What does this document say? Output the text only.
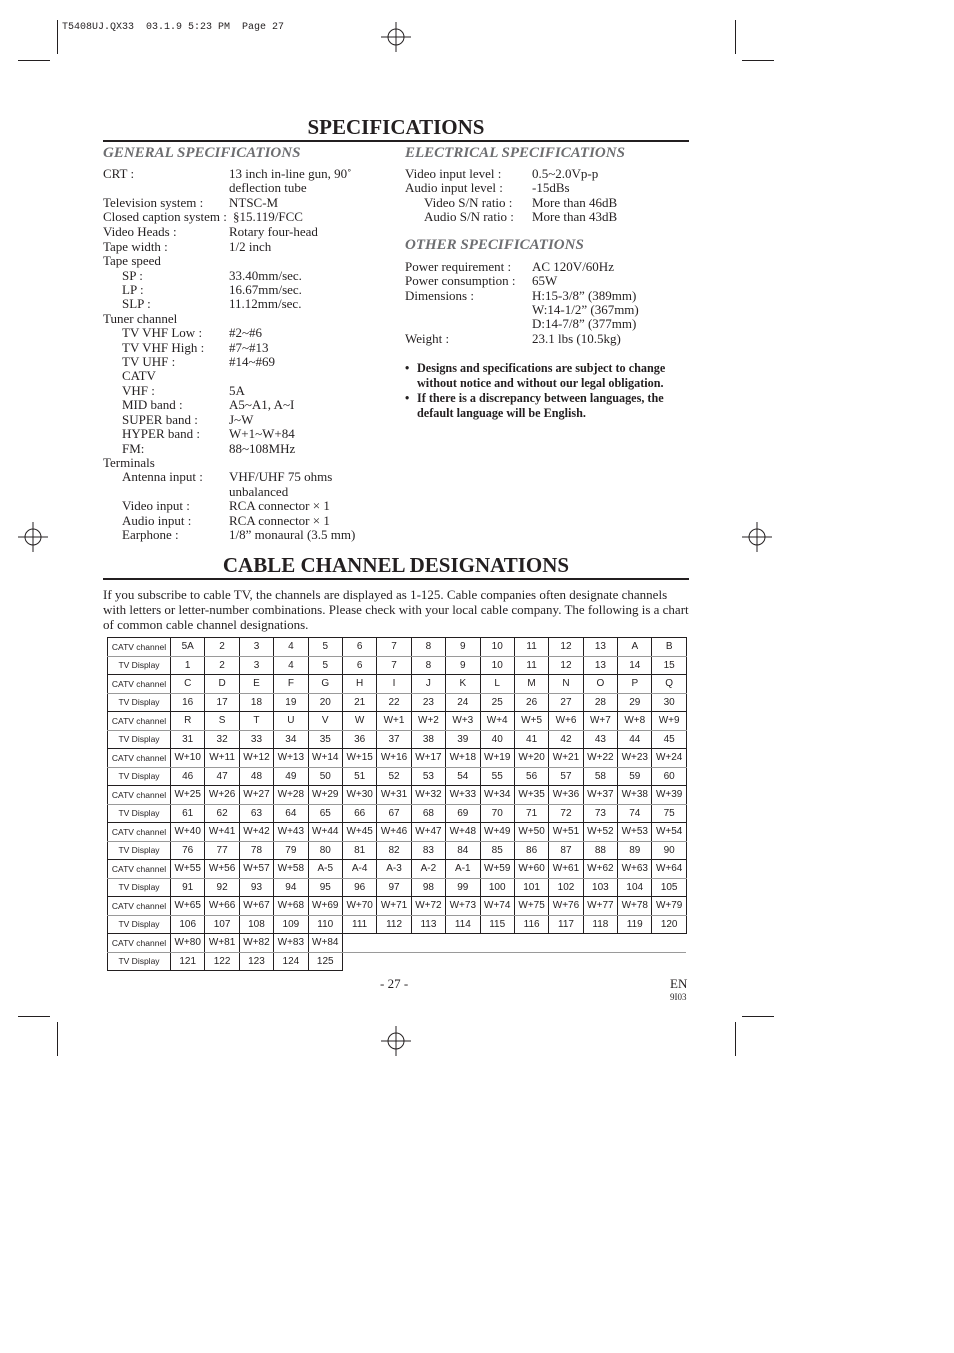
T5408UJ.QX33  03.1.9 5:23 PM  Page 27
SPECIFICATIONS
GENERAL SPECIFICATIONS
CRT :	13 inch in-line gun, 90˚
deflection tube
Television system : NTSC-M
Closed caption system : §15.119/FCC
Video Heads :	Rotary four-head
Tape width :	1/2 inch
Tape speed
SP :	33.40mm/sec.
LP :	16.67mm/sec.
SLP :	11.12mm/sec.
Tuner channel
TV VHF Low : #2~#6
TV VHF High : #7~#13
TV UHF :	#14~#69
CATV
VHF :	5A
MID band :	A5~A1, A~I
SUPER band : J~W
HYPER band : W+1~W+84
FM:	88~108MHz
Terminals
Antenna input : VHF/UHF 75 ohms
unbalanced
Video input :	RCA connector × 1
Audio input :	RCA connector × 1
Earphone :	1/8” monaural (3.5 mm)
ELECTRICAL SPECIFICATIONS
Video input level : 0.5~2.0Vp-p
Audio input level : -15dBs
Video S/N ratio : More than 46dB
Audio S/N ratio : More than 43dB
OTHER SPECIFICATIONS
Power requirement : AC 120V/60Hz
Power consumption : 65W
Dimensions :	H:15-3/8” (389mm)
W:14-1/2” (367mm)
D:14-7/8” (377mm)
Weight :	23.1 lbs (10.5kg)
• Designs and specifications are subject to change without notice and without our legal obligation.
• If there is a discrepancy between languages, the default language will be English.
CABLE CHANNEL DESIGNATIONS
If you subscribe to cable TV, the channels are displayed as 1-125. Cable companies often designate channels with letters or letter-number combinations. Please check with your local cable company. The following is a chart of common cable channel designations.
CATV channel	5A	2	3	4	5	6	7	8	9	10	11	12	13	A	B
TV Display	1	2	3	4	5	6	7	8	9	10	11	12	13	14	15
CATV channel	C	D	E	F	G	H	I	J	K	L	M	N	O	P	Q
TV Display	16	17	18	19	20	21	22	23	24	25	26	27	28	29	30
CATV channel	R	S	T	U	V	W	W+1	W+2	W+3	W+4	W+5	W+6	W+7	W+8	W+9
TV Display	31	32	33	34	35	36	37	38	39	40	41	42	43	44	45
CATV channel	W+10	W+11	W+12	W+13	W+14	W+15	W+16	W+17	W+18	W+19	W+20	W+21	W+22	W+23	W+24
TV Display	46	47	48	49	50	51	52	53	54	55	56	57	58	59	60
CATV channel	W+25	W+26	W+27	W+28	W+29	W+30	W+31	W+32	W+33	W+34	W+35	W+36	W+37	W+38	W+39
TV Display	61	62	63	64	65	66	67	68	69	70	71	72	73	74	75
CATV channel	W+40	W+41	W+42	W+43	W+44	W+45	W+46	W+47	W+48	W+49	W+50	W+51	W+52	W+53	W+54
TV Display	76	77	78	79	80	81	82	83	84	85	86	87	88	89	90
CATV channel	W+55	W+56	W+57	W+58	A-5	A-4	A-3	A-2	A-1	W+59	W+60	W+61	W+62	W+63	W+64
TV Display	91	92	93	94	95	96	97	98	99	100	101	102	103	104	105
CATV channel	W+65	W+66	W+67	W+68	W+69	W+70	W+71	W+72	W+73	W+74	W+75	W+76	W+77	W+78	W+79
TV Display	106	107	108	109	110	111	112	113	114	115	116	117	118	119	120
CATV channel	W+80	W+81	W+82	W+83	W+84										
TV Display	121	122	123	124	125										
- 27 -	EN
9I03
